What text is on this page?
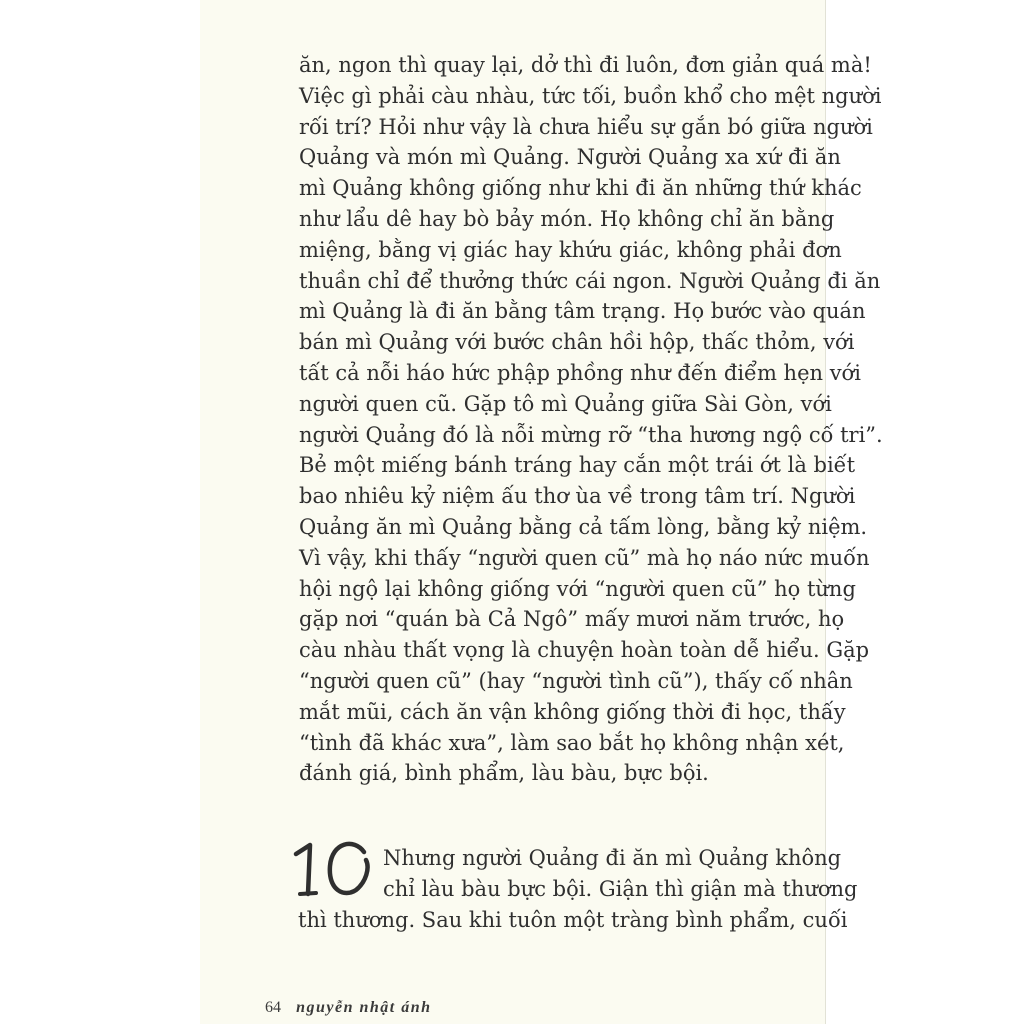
ăn, ngon thì quay lại, dở thì đi luôn, đơn giản quá mà!
Việc gì phải càu nhàu, tức tối, buồn khổ cho mệt người
rối trí? Hỏi như vậy là chưa hiểu sự gắn bó giữa người
Quảng và món mì Quảng. Người Quảng xa xứ đi ăn
mì Quảng không giống như khi đi ăn những thứ khác
như lẩu dê hay bò bảy món. Họ không chỉ ăn bằng
miệng, bằng vị giác hay khứu giác, không phải đơn
thuần chỉ để thưởng thức cái ngon. Người Quảng đi ăn
mì Quảng là đi ăn bằng tâm trạng. Họ bước vào quán
bán mì Quảng với bước chân hồi hộp, thấc thỏm, với
tất cả nỗi háo hức phập phồng như đến điểm hẹn với
người quen cũ. Gặp tô mì Quảng giữa Sài Gòn, với
người Quảng đó là nỗi mừng rỡ “tha hương ngộ cố tri”.
Bẻ một miếng bánh tráng hay cắn một trái ớt là biết
bao nhiêu kỷ niệm ấu thơ ùa về trong tâm trí. Người
Quảng ăn mì Quảng bằng cả tấm lòng, bằng kỷ niệm.
Vì vậy, khi thấy “người quen cũ” mà họ náo nức muốn
hội ngộ lại không giống với “người quen cũ” họ từng
gặp nơi “quán bà Cả Ngô” mấy mươi năm trước, họ
càu nhàu thất vọng là chuyện hoàn toàn dễ hiểu. Gặp
“người quen cũ” (hay “người tình cũ”), thấy cố nhân
mắt mũi, cách ăn vận không giống thời đi học, thấy
“tình đã khác xưa”, làm sao bắt họ không nhận xét,
đánh giá, bình phẩm, làu bàu, bực bội.
Nhưng người Quảng đi ăn mì Quảng không
chỉ làu bàu bực bội. Giận thì giận mà thương
thì thương. Sau khi tuôn một tràng bình phẩm, cuối
64 nguyễn nhật ánh
